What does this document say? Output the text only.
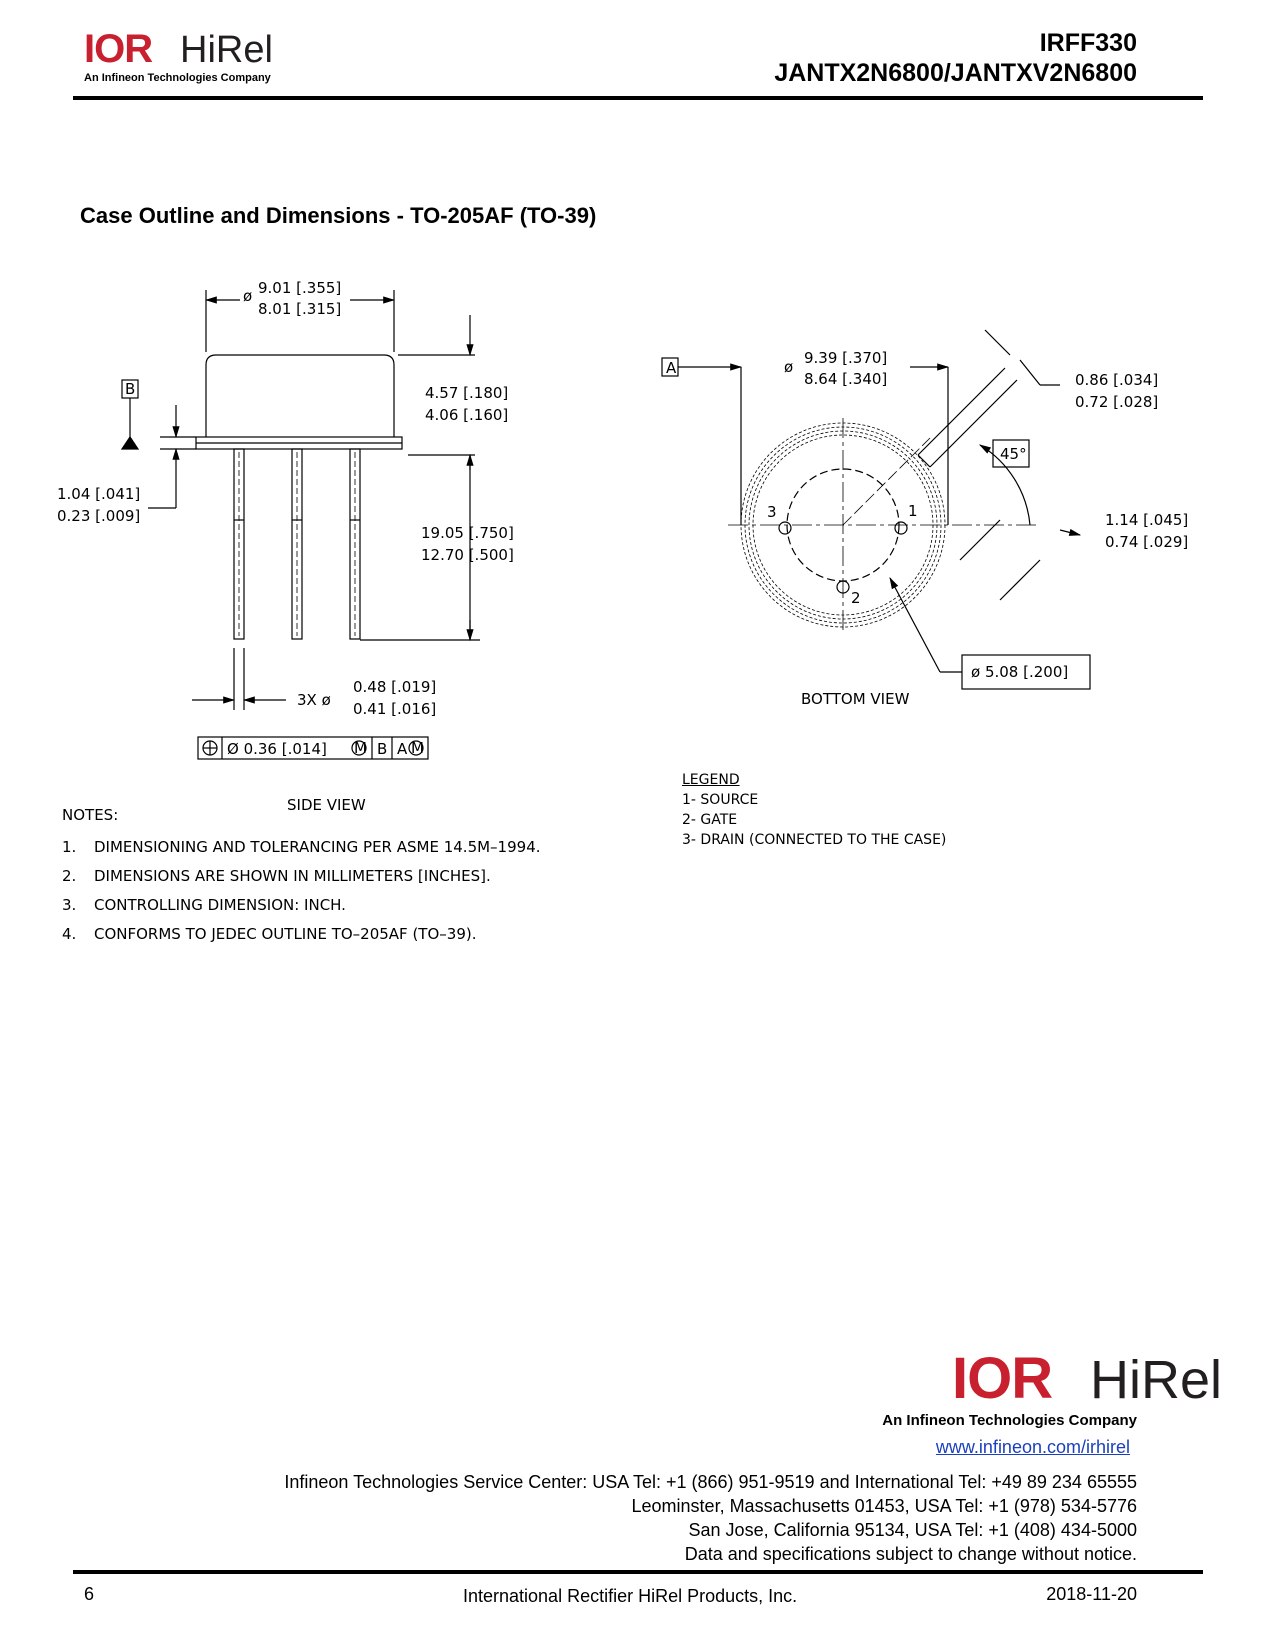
IOR HiRel
An Infineon Technologies Company
IRFF330
JANTX2N6800/JANTXV2N6800
Case Outline and Dimensions - TO-205AF (TO-39)
ø 9.01 [.355]
8.01 [.315]
4.57 [.180]
4.06 [.160]
1.04 [.041]
0.23 [.009]
19.05 [.750]
12.70 [.500]
3X ø
0.48 [.019]
0.41 [.016]
B
Ø 0.36 [.014] M B A M
SIDE VIEW
A	ø 9.39 [.370]
8.64 [.340]	0.86 [.034]
0.72 [.028]
45°
1.14 [.045]
0.74 [.029]
ø 5.08 [.200]
1
2
3
BOTTOM VIEW
NOTES:
1. DIMENSIONING AND TOLERANCING PER ASME 14.5M–1994.
2. DIMENSIONS ARE SHOWN IN MILLIMETERS [INCHES].
3. CONTROLLING DIMENSION: INCH.
4. CONFORMS TO JEDEC OUTLINE TO–205AF (TO–39).
LEGEND
1- SOURCE
2- GATE
3- DRAIN (CONNECTED TO THE CASE)
IOR HiRel
An Infineon Technologies Company
www.infineon.com/irhirel
Infineon Technologies Service Center: USA Tel: +1 (866) 951-9519 and International Tel: +49 89 234 65555
Leominster, Massachusetts 01453, USA Tel: +1 (978) 534-5776
San Jose, California 95134, USA Tel: +1 (408) 434-5000
Data and specifications subject to change without notice.
6	International Rectifier HiRel Products, Inc.	2018-11-20
